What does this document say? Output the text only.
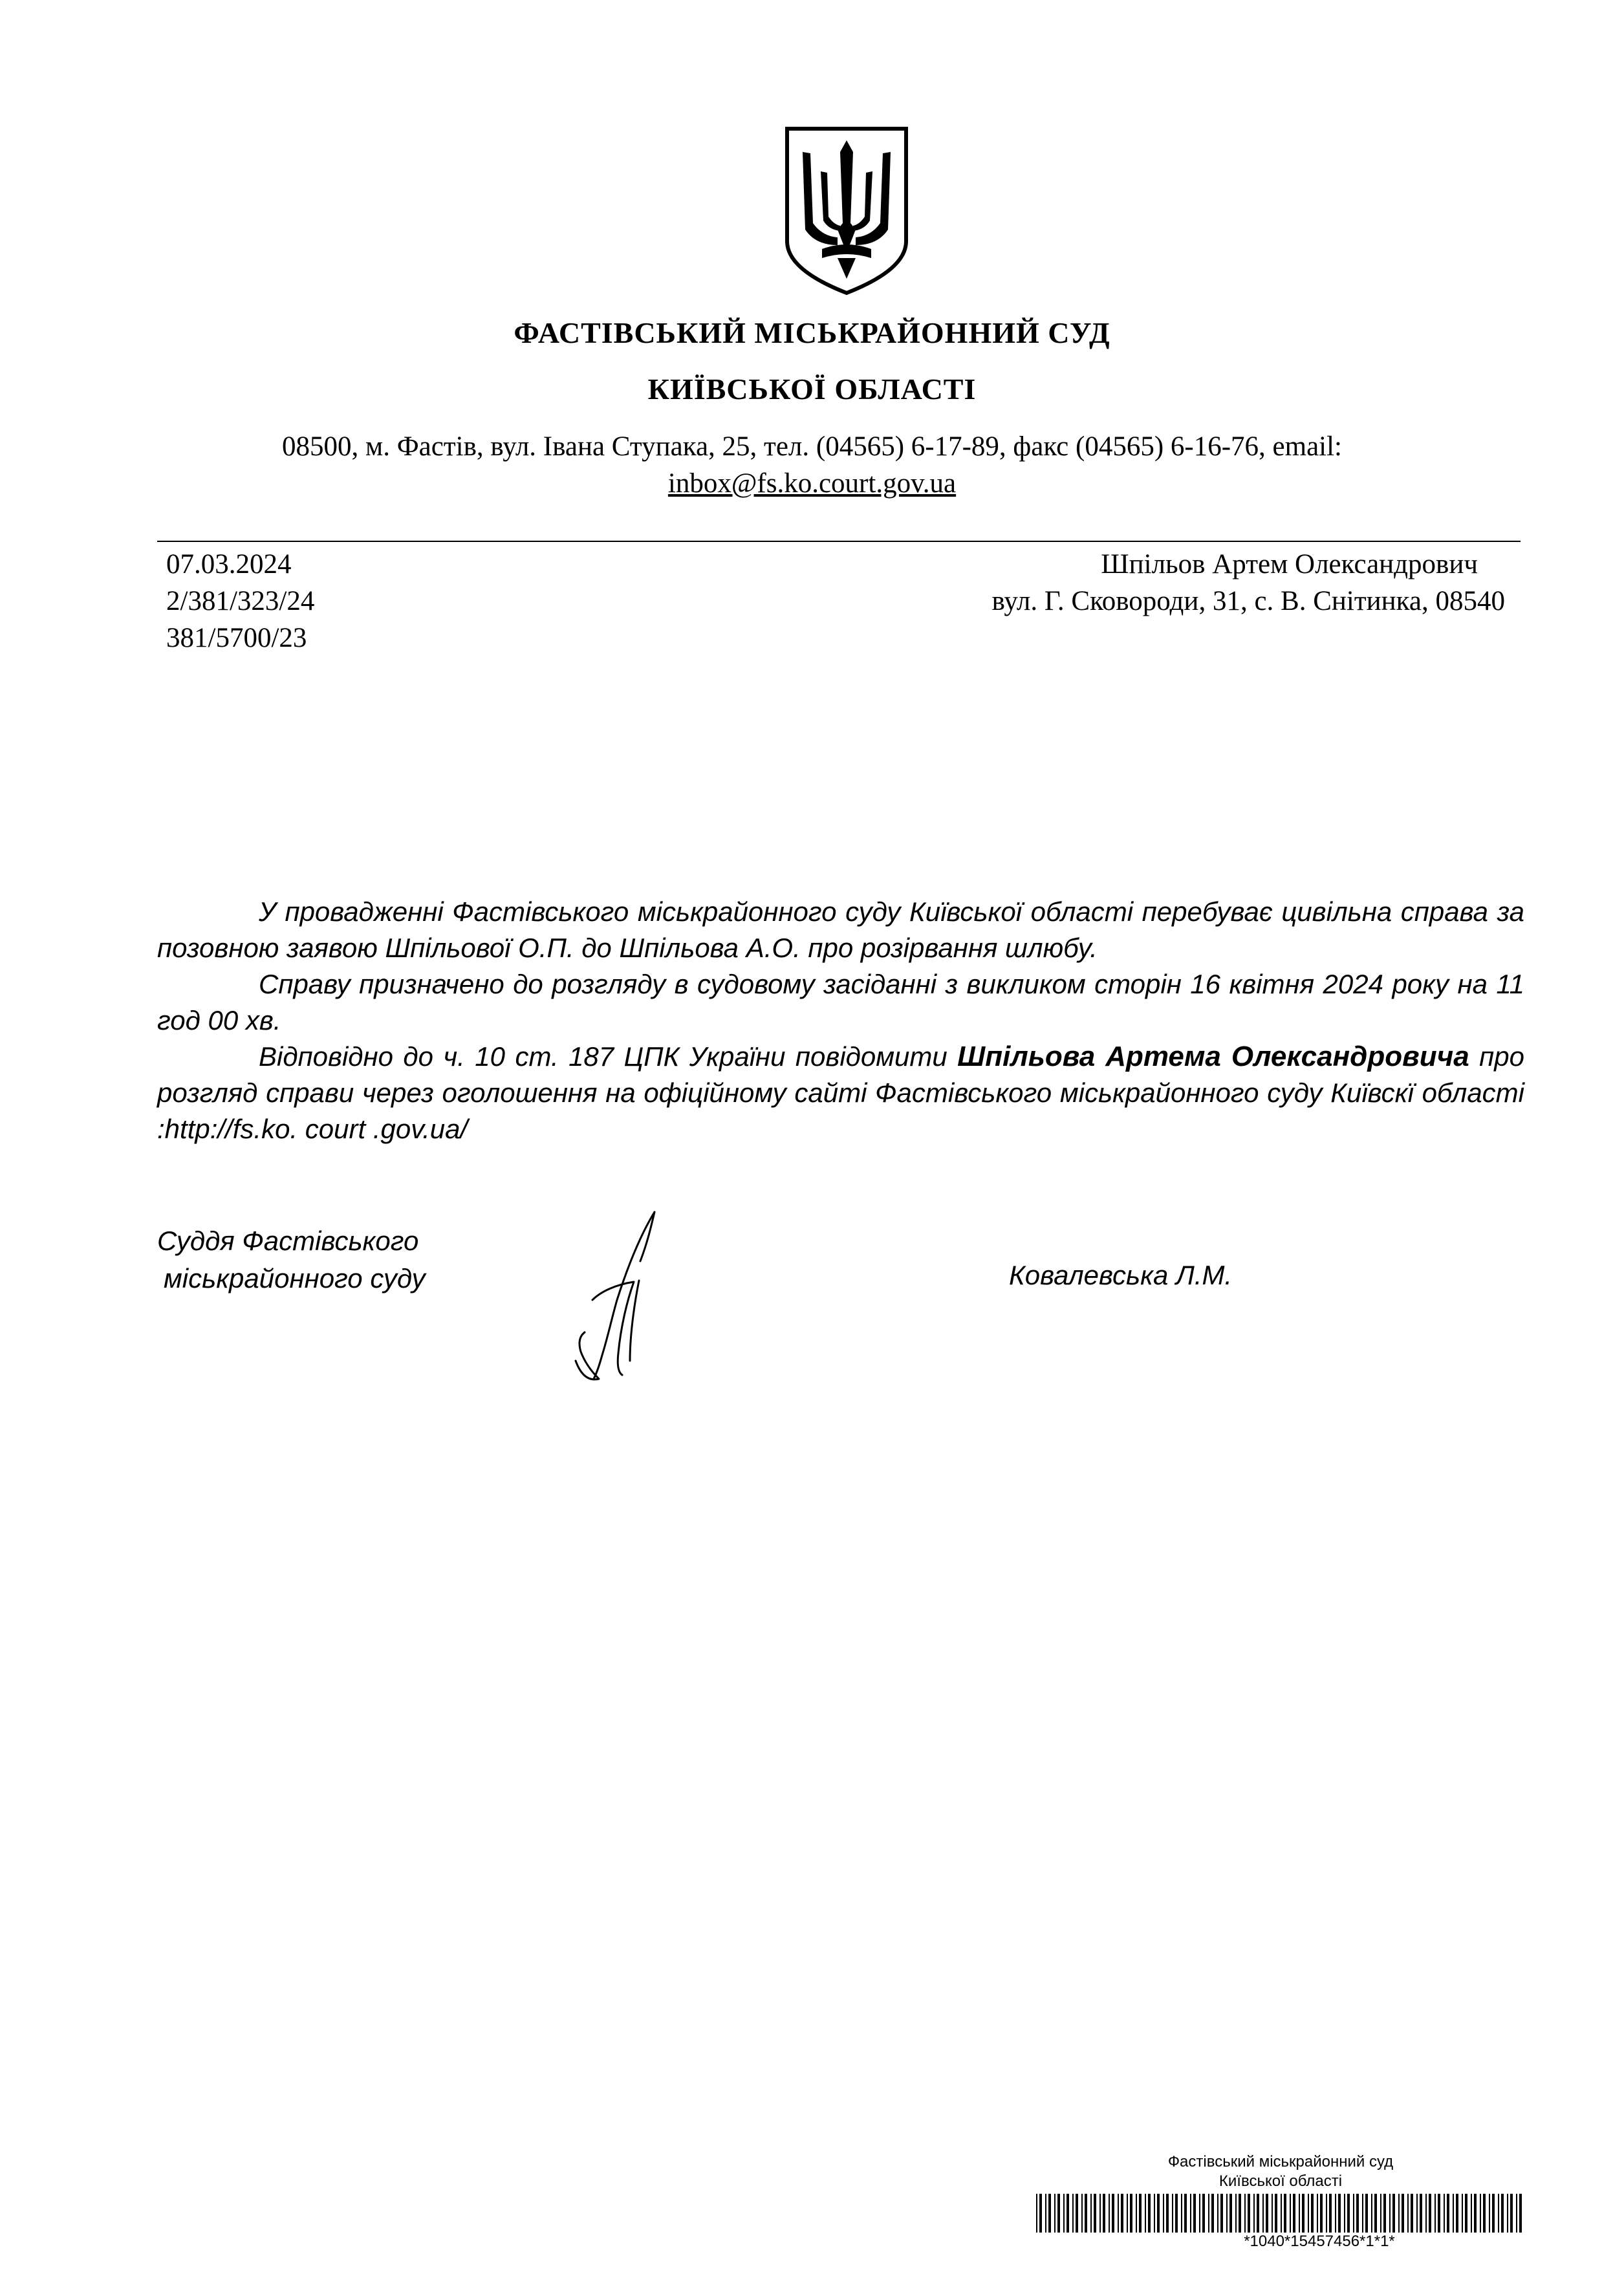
ФАСТІВСЬКИЙ МІСЬКРАЙОННИЙ СУД
КИЇВСЬКОЇ ОБЛАСТІ
08500, м. Фастів, вул. Івана Ступака, 25, тел. (04565) 6-17-89, факс (04565) 6-16-76, email:
inbox@fs.ko.court.gov.ua
07.03.2024
2/381/323/24
381/5700/23
Шпільов Артем Олександрович
вул. Г. Сковороди, 31, с. В. Снітинка, 08540

У провадженні Фастівського міськрайонного суду Київської області перебуває цивільна справа за позовною заявою Шпільової О.П. до Шпільова А.О. про розірвання шлюбу.

Справу призначено до розгляду в судовому засіданні з викликом сторін 16 квітня 2024 року на 11 год 00 хв.

Відповідно до ч. 10 ст. 187 ЦПК України повідомити Шпільова Артема Олександровича про розгляд справи через оголошення на офіційному сайті Фастівського міськрайонного суду Київскї області :http://fs.ko. court .gov.ua/

Суддя Фастівського
міськрайонного суду	Ковалевська Л.М.
Фастівський міськрайонний суд
Київської області
*1040*15457456*1*1*
